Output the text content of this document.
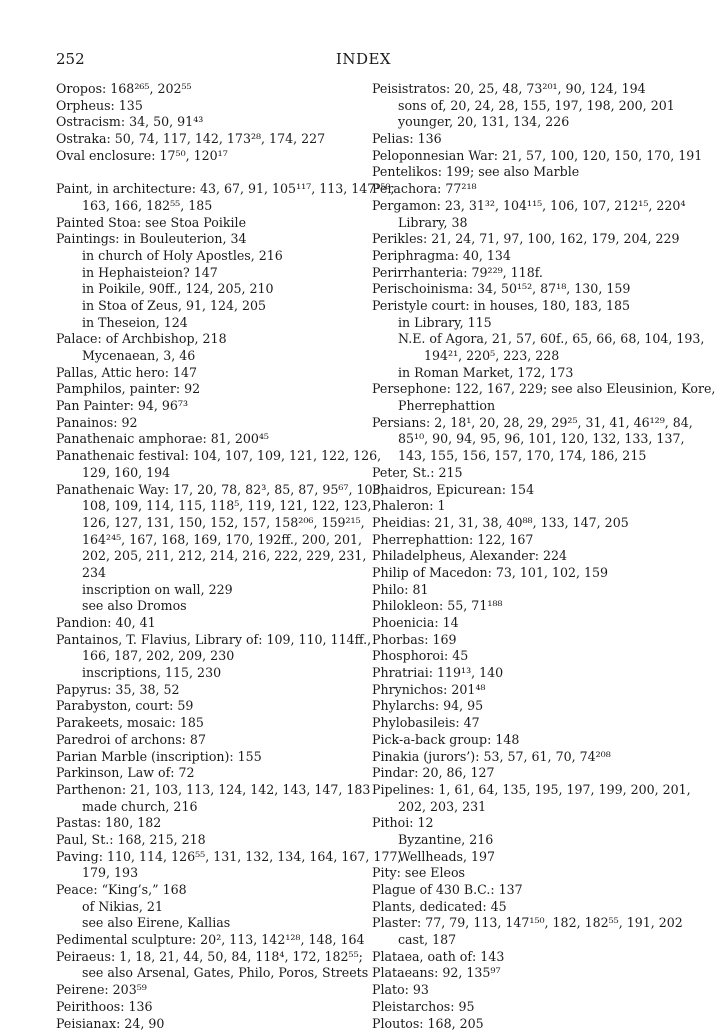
252	INDEX
Oropos: 168²⁶⁵, 202⁵⁵
Orpheus: 135
Ostracism: 34, 50, 91⁴³
Ostraka: 50, 74, 117, 142, 173²⁸, 174, 227
Oval enclosure: 17⁵⁰, 120¹⁷
Paint, in architecture: 43, 67, 91, 105¹¹⁷, 113, 147¹⁵⁰,
163, 166, 182⁵⁵, 185
Painted Stoa: see Stoa Poikile
Paintings: in Bouleuterion, 34
in church of Holy Apostles, 216
in Hephaisteion? 147
in Poikile, 90ff., 124, 205, 210
in Stoa of Zeus, 91, 124, 205
in Theseion, 124
Palace: of Archbishop, 218
Mycenaean, 3, 46
Pallas, Attic hero: 147
Pamphilos, painter: 92
Pan Painter: 94, 96⁷³
Panainos: 92
Panathenaic amphorae: 81, 200⁴⁵
Panathenaic festival: 104, 107, 109, 121, 122, 126,
129, 160, 194
Panathenaic Way: 17, 20, 78, 82³, 85, 87, 95⁶⁷, 103,
108, 109, 114, 115, 118⁵, 119, 121, 122, 123,
126, 127, 131, 150, 152, 157, 158²⁰⁶, 159²¹⁵,
164²⁴⁵, 167, 168, 169, 170, 192ff., 200, 201,
202, 205, 211, 212, 214, 216, 222, 229, 231,
234
inscription on wall, 229
see also Dromos
Pandion: 40, 41
Pantainos, T. Flavius, Library of: 109, 110, 114ff.,
166, 187, 202, 209, 230
inscriptions, 115, 230
Papyrus: 35, 38, 52
Parabyston, court: 59
Parakeets, mosaic: 185
Paredroi of archons: 87
Parian Marble (inscription): 155
Parkinson, Law of: 72
Parthenon: 21, 103, 113, 124, 142, 143, 147, 183
made church, 216
Pastas: 180, 182
Paul, St.: 168, 215, 218
Paving: 110, 114, 126⁵⁵, 131, 132, 134, 164, 167, 177,
179, 193
Peace: “King’s,” 168
of Nikias, 21
see also Eirene, Kallias
Pedimental sculpture: 20², 113, 142¹²⁸, 148, 164
Peiraeus: 1, 18, 21, 44, 50, 84, 118⁴, 172, 182⁵⁵;
see also Arsenal, Gates, Philo, Poros, Streets
Peirene: 203⁵⁹
Peirithoos: 136
Peisianax: 24, 90
Peisistratos: 20, 25, 48, 73²⁰¹, 90, 124, 194
sons of, 20, 24, 28, 155, 197, 198, 200, 201
younger, 20, 131, 134, 226
Pelias: 136
Peloponnesian War: 21, 57, 100, 120, 150, 170, 191
Pentelikos: 199; see also Marble
Perachora: 77²¹⁸
Pergamon: 23, 31³², 104¹¹⁵, 106, 107, 212¹⁵, 220⁴
Library, 38
Perikles: 21, 24, 71, 97, 100, 162, 179, 204, 229
Periphragma: 40, 134
Perirrhanteria: 79²²⁹, 118f.
Perischoinisma: 34, 50¹⁵², 87¹⁸, 130, 159
Peristyle court: in houses, 180, 183, 185
in Library, 115
N.E. of Agora, 21, 57, 60f., 65, 66, 68, 104, 193,
194²¹, 220⁵, 223, 228
in Roman Market, 172, 173
Persephone: 122, 167, 229; see also Eleusinion, Kore,
Pherrephattion
Persians: 2, 18¹, 20, 28, 29, 29²⁵, 31, 41, 46¹²⁹, 84,
85¹⁰, 90, 94, 95, 96, 101, 120, 132, 133, 137,
143, 155, 156, 157, 170, 174, 186, 215
Peter, St.: 215
Phaidros, Epicurean: 154
Phaleron: 1
Pheidias: 21, 31, 38, 40⁸⁸, 133, 147, 205
Pherrephattion: 122, 167
Philadelpheus, Alexander: 224
Philip of Macedon: 73, 101, 102, 159
Philo: 81
Philokleon: 55, 71¹⁸⁸
Phoenicia: 14
Phorbas: 169
Phosphoroi: 45
Phratriai: 119¹³, 140
Phrynichos: 201⁴⁸
Phylarchs: 94, 95
Phylobasileis: 47
Pick-a-back group: 148
Pinakia (jurors’): 53, 57, 61, 70, 74²⁰⁸
Pindar: 20, 86, 127
Pipelines: 1, 61, 64, 135, 195, 197, 199, 200, 201,
202, 203, 231
Pithoi: 12
Byzantine, 216
Wellheads, 197
Pity: see Eleos
Plague of 430 B.C.: 137
Plants, dedicated: 45
Plaster: 77, 79, 113, 147¹⁵⁰, 182, 182⁵⁵, 191, 202
cast, 187
Plataea, oath of: 143
Plataeans: 92, 135⁹⁷
Plato: 93
Pleistarchos: 95
Ploutos: 168, 205
